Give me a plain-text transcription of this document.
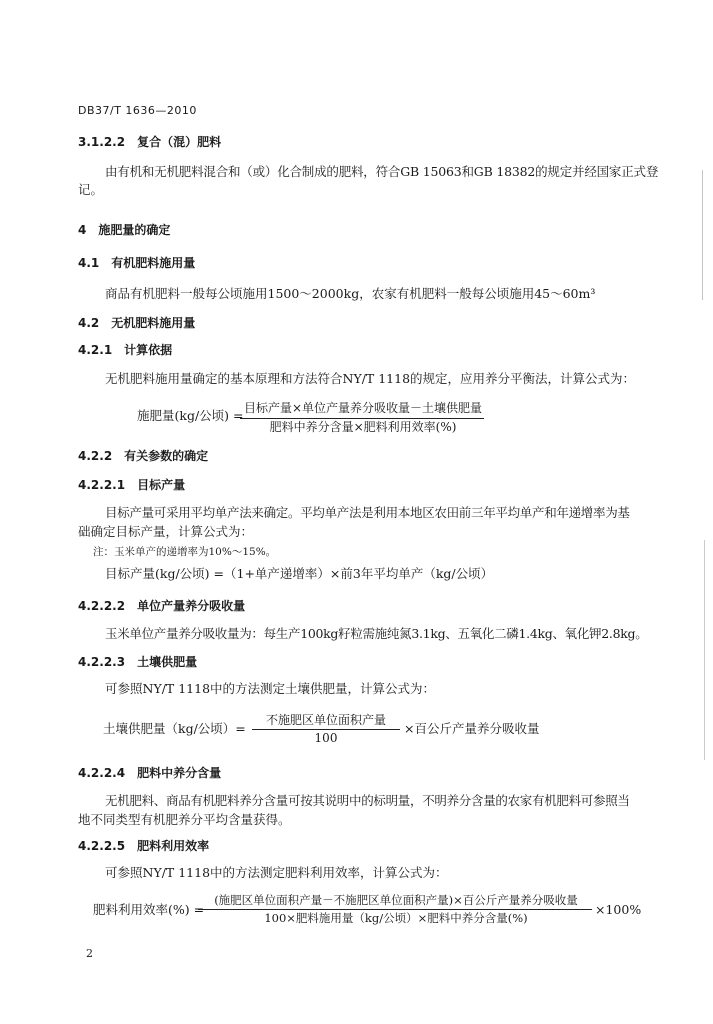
DB37/T 1636—2010
3.1.2.2　复合（混）肥料
由有机和无机肥料混合和（或）化合制成的肥料，符合GB 15063和GB 18382的规定并经国家正式登
记。
4　施肥量的确定
4.1　有机肥料施用量
商品有机肥料一般每公顷施用1500～2000kg，农家有机肥料一般每公顷施用45～60m³
4.2　无机肥料施用量
4.2.1　计算依据
无机肥料施用量确定的基本原理和方法符合NY/T 1118的规定，应用养分平衡法，计算公式为：
施肥量(kg/公顷) = 目标产量×单位产量养分吸收量－土壤供肥量
肥料中养分含量×肥料利用效率(%)
4.2.2　有关参数的确定
4.2.2.1　目标产量
目标产量可采用平均单产法来确定。平均单产法是利用本地区农田前三年平均单产和年递增率为基
础确定目标产量，计算公式为：
注：玉米单产的递增率为10%～15%。
目标产量(kg/公顷) =（1+单产递增率）×前3年平均单产（kg/公顷）
4.2.2.2　单位产量养分吸收量
玉米单位产量养分吸收量为：每生产100kg籽粒需施纯氮3.1kg、五氧化二磷1.4kg、氧化钾2.8kg。
4.2.2.3　土壤供肥量
可参照NY/T 1118中的方法测定土壤供肥量，计算公式为：
土壤供肥量（kg/公顷）=
不施肥区单位面积产量
100
×百公斤产量养分吸收量
4.2.2.4　肥料中养分含量
无机肥料、商品有机肥料养分含量可按其说明中的标明量，不明养分含量的农家有机肥料可参照当
地不同类型有机肥养分平均含量获得。
4.2.2.5　肥料利用效率
可参照NY/T 1118中的方法测定肥料利用效率，计算公式为：
肥料利用效率(%) =
(施肥区单位面积产量－不施肥区单位面积产量)×百公斤产量养分吸收量
100×肥料施用量（kg/公顷）×肥料中养分含量(%)
×100%
2
